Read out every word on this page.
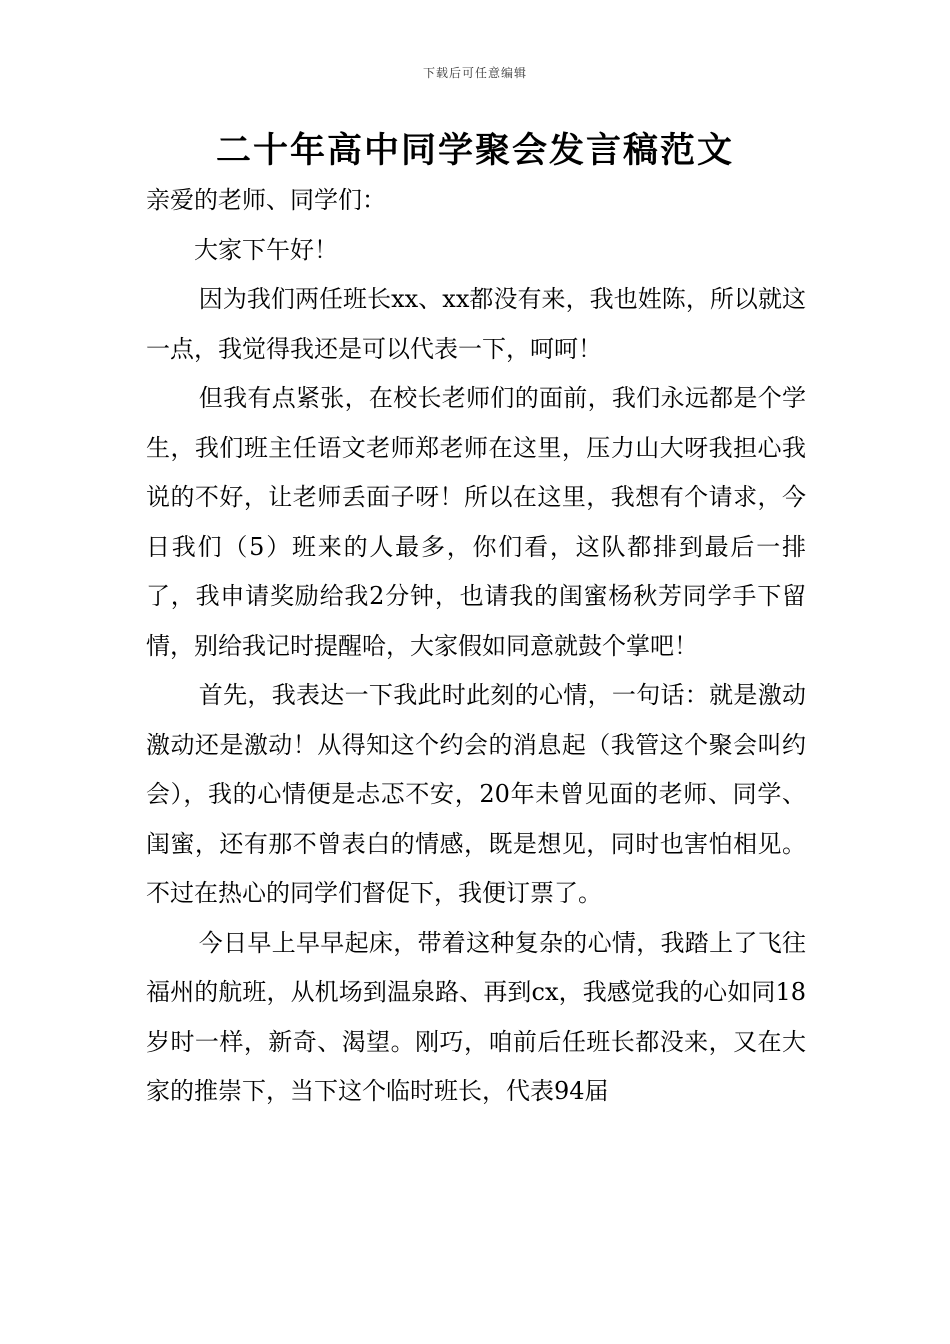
下载后可任意编辑
二十年高中同学聚会发言稿范文

亲爱的老师、同学们：

大家下午好！

因为我们两任班长xx、xx都没有来，我也姓陈，所以就这一点，我觉得我还是可以代表一下，呵呵！

但我有点紧张，在校长老师们的面前，我们永远都是个学生，我们班主任语文老师郑老师在这里，压力山大呀我担心我说的不好，让老师丢面子呀！所以在这里，我想有个请求，今日我们（5）班来的人最多，你们看，这队都排到最后一排了，我申请奖励给我2分钟，也请我的闺蜜杨秋芳同学手下留情，别给我记时提醒哈，大家假如同意就鼓个掌吧！

首先，我表达一下我此时此刻的心情，一句话：就是激动激动还是激动！从得知这个约会的消息起（我管这个聚会叫约会），我的心情便是忐忑不安，20年未曾见面的老师、同学、闺蜜，还有那不曾表白的情感，既是想见，同时也害怕相见。不过在热心的同学们督促下，我便订票了。

今日早上早早起床，带着这种复杂的心情，我踏上了飞往福州的航班，从机场到温泉路、再到cx，我感觉我的心如同18岁时一样，新奇、渴望。刚巧，咱前后任班长都没来，又在大家的推崇下，当下这个临时班长，代表94届
